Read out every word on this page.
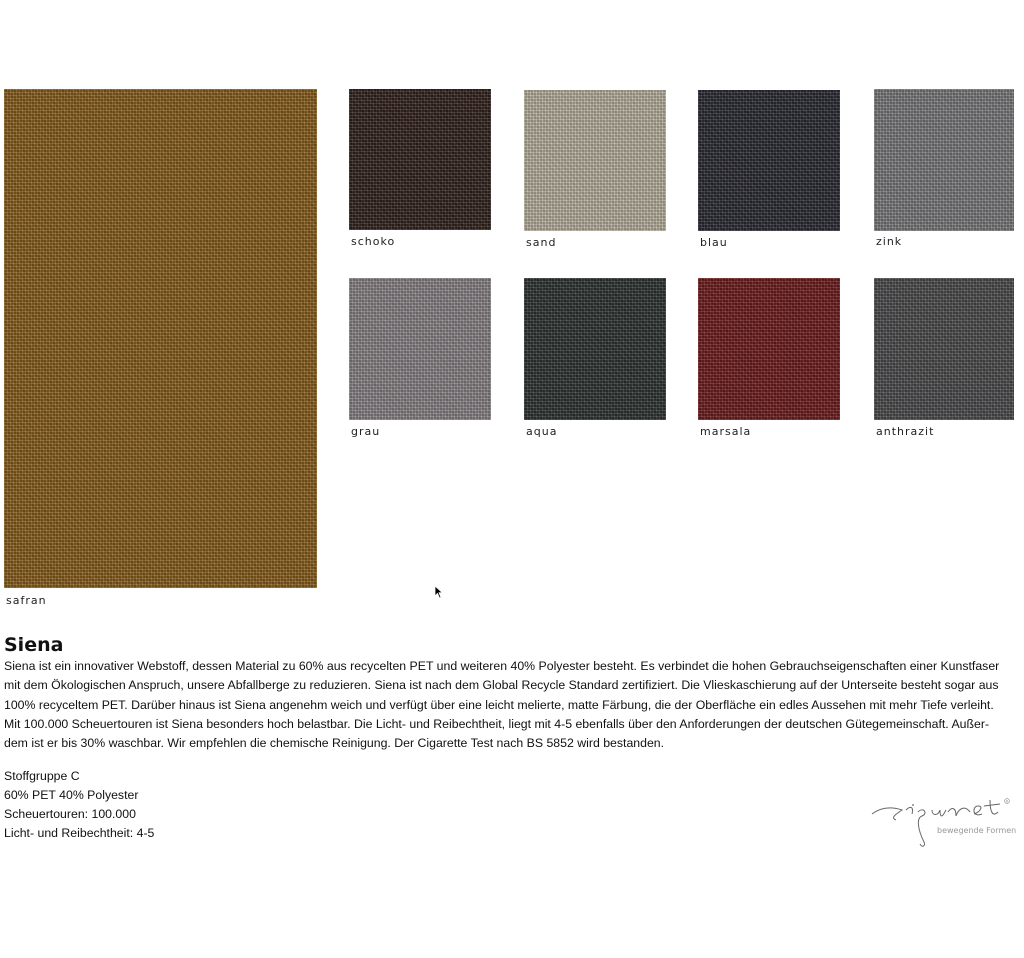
safran
schoko	sand	blau	zink
grau	aqua	marsala	anthrazit
Siena
Siena ist ein innovativer Webstoff, dessen Material zu 60% aus recycelten PET und weiteren 40% Polyester besteht. Es verbindet die hohen Gebrauchseigenschaften einer Kunstfaser
mit dem Ökologischen Anspruch, unsere Abfallberge zu reduzieren. Siena ist nach dem Global Recycle Standard zertifiziert. Die Vlieskaschierung auf der Unterseite besteht sogar aus
100% recyceltem PET. Darüber hinaus ist Siena angenehm weich und verfügt über eine leicht melierte, matte Färbung, die der Oberfläche ein edles Aussehen mit mehr Tiefe verleiht.
Mit 100.000 Scheuertouren ist Siena besonders hoch belastbar. Die Licht- und Reibechtheit, liegt mit 4-5 ebenfalls über den Anforderungen der deutschen Gütegemeinschaft. Außer-
dem ist er bis 30% waschbar. Wir empfehlen die chemische Reinigung. Der Cigarette Test nach BS 5852 wird bestanden.
Stoffgruppe C
60% PET 40% Polyester
Scheuertouren: 100.000
Licht- und Reibechtheit: 4-5
R
bewegende Formen
